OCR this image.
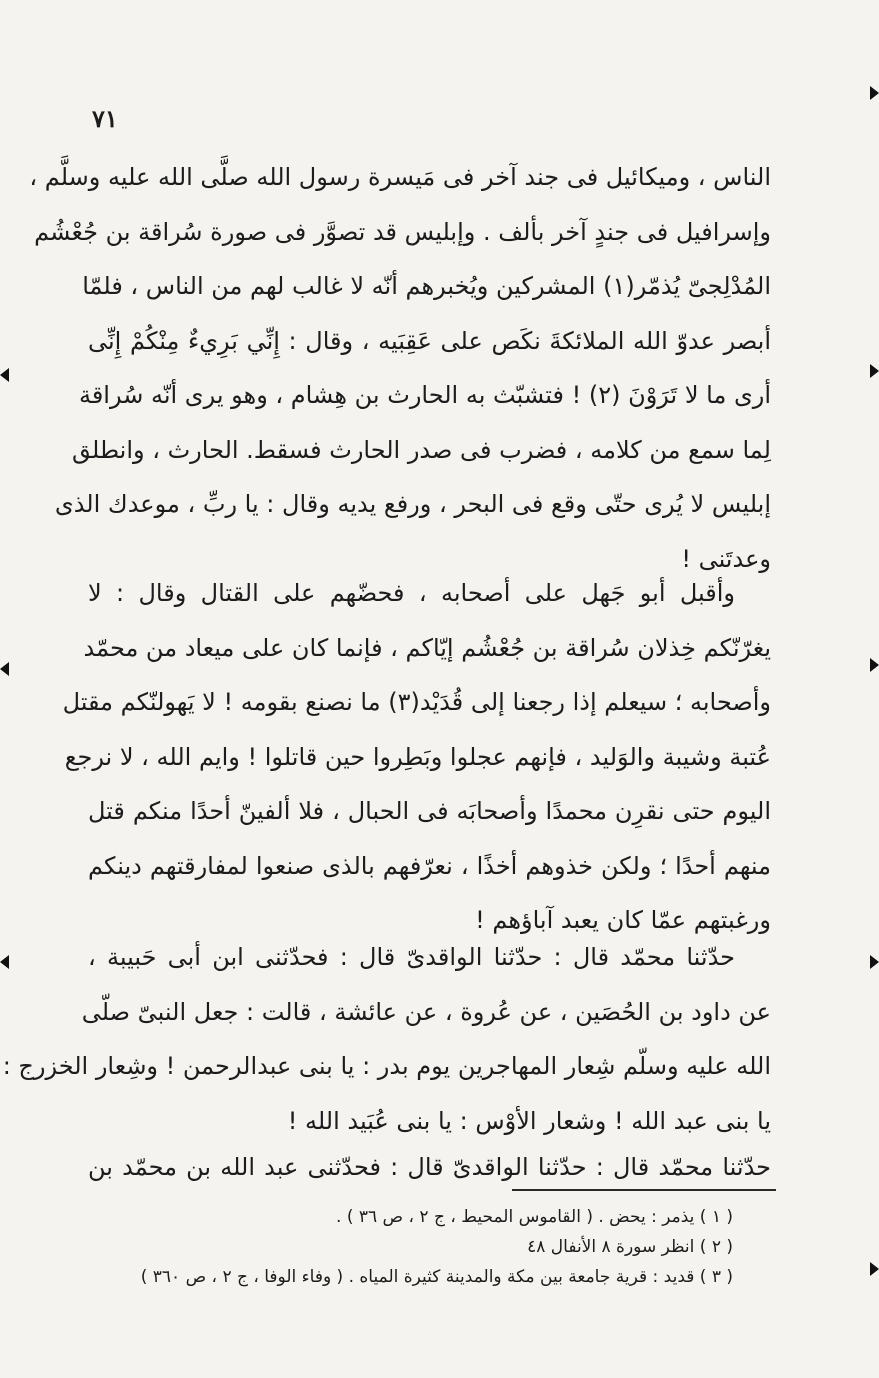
٧١
الناس ، وميكائيل فى جند آخر فى مَيسرة رسول الله صلَّى الله عليه وسلَّم ،
وإسرافيل فى جندٍ آخر بألف . وإبليس قد تصوَّر فى صورة سُراقة بن جُعْشُم
المُدْلِجىّ يُذمّر(١) المشركين ويُخبرهم أنّه لا غالب لهم من الناس ، فلمّا
أبصر عدوّ الله الملائكةَ نكَص على عَقِبَيه ، وقال : إِنِّي بَرِيءٌ مِنْكُمْ إِنِّى
أرى ما لا تَرَوْنَ (٢) ! فتشبّث به الحارث بن هِشام ، وهو يرى أنّه سُراقة
لِما سمع من كلامه ، فضرب فى صدر الحارث فسقط. الحارث ، وانطلق
إبليس لا يُرى حتّى وقع فى البحر ، ورفع يديه وقال : يا ربِّ ، موعدك الذى
وعدتَنى !
وأقبل أبو جَهل على أصحابه ، فحضّهم على القتال وقال : لا
يغرّنّكم خِذلان سُراقة بن جُعْشُم إيّاكم ، فإنما كان على ميعاد من محمّد
وأصحابه ؛ سيعلم إذا رجعنا إلى قُدَيْد(٣) ما نصنع بقومه ! لا يَهولنّكم مقتل
عُتبة وشيبة والوَليد ، فإنهم عجلوا وبَطِروا حين قاتلوا ! وايم الله ، لا نرجع
اليوم حتى نقرِن محمدًا وأصحابَه فى الحبال ، فلا ألفينّ أحدًا منكم قتل
منهم أحدًا ؛ ولكن خذوهم أخذًا ، نعرّفهم بالذى صنعوا لمفارقتهم دينكم
ورغبتهم عمّا كان يعبد آباؤهم !
حدّثنا محمّد قال : حدّثنا الواقدىّ قال : فحدّثنى ابن أبى حَبيبة ،
عن داود بن الحُصَين ، عن عُروة ، عن عائشة ، قالت : جعل النبىّ صلّى
الله عليه وسلّم شِعار المهاجرين يوم بدر : يا بنى عبدالرحمن ! وشِعار الخزرج :
يا بنى عبد الله ! وشعار الأوْس : يا بنى عُبَيد الله !
حدّثنا محمّد قال : حدّثنا الواقدىّ قال : فحدّثنى عبد الله بن محمّد بن
( ١ ) يذمر : يحض . ( القاموس المحيط ، ج ٢ ، ص ٣٦ ) .
( ٢ ) انظر سورة ٨ الأنفال ٤٨
( ٣ ) قديد : قرية جامعة بين مكة والمدينة كثيرة المياه . ( وفاء الوفا ، ج ٢ ، ص ٣٦٠ )
